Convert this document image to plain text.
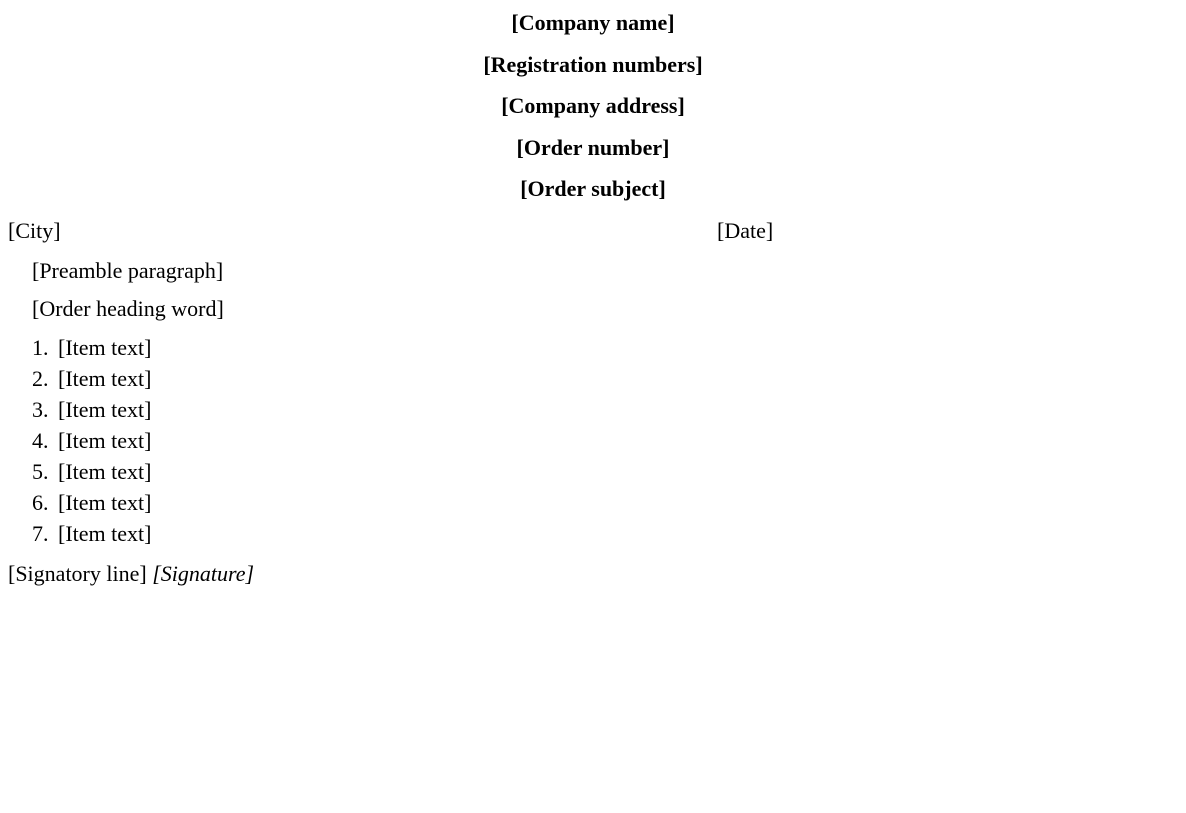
[Company name]
[Registration numbers]
[Company address]
[Order number]
[Order subject]
[City]	[Date]
[Preamble paragraph]
[Order heading word]
1. [Item text]
2. [Item text]
3. [Item text]
4. [Item text]
5. [Item text]
6. [Item text]
7. [Item text]
[Signatory line] [Signature]
